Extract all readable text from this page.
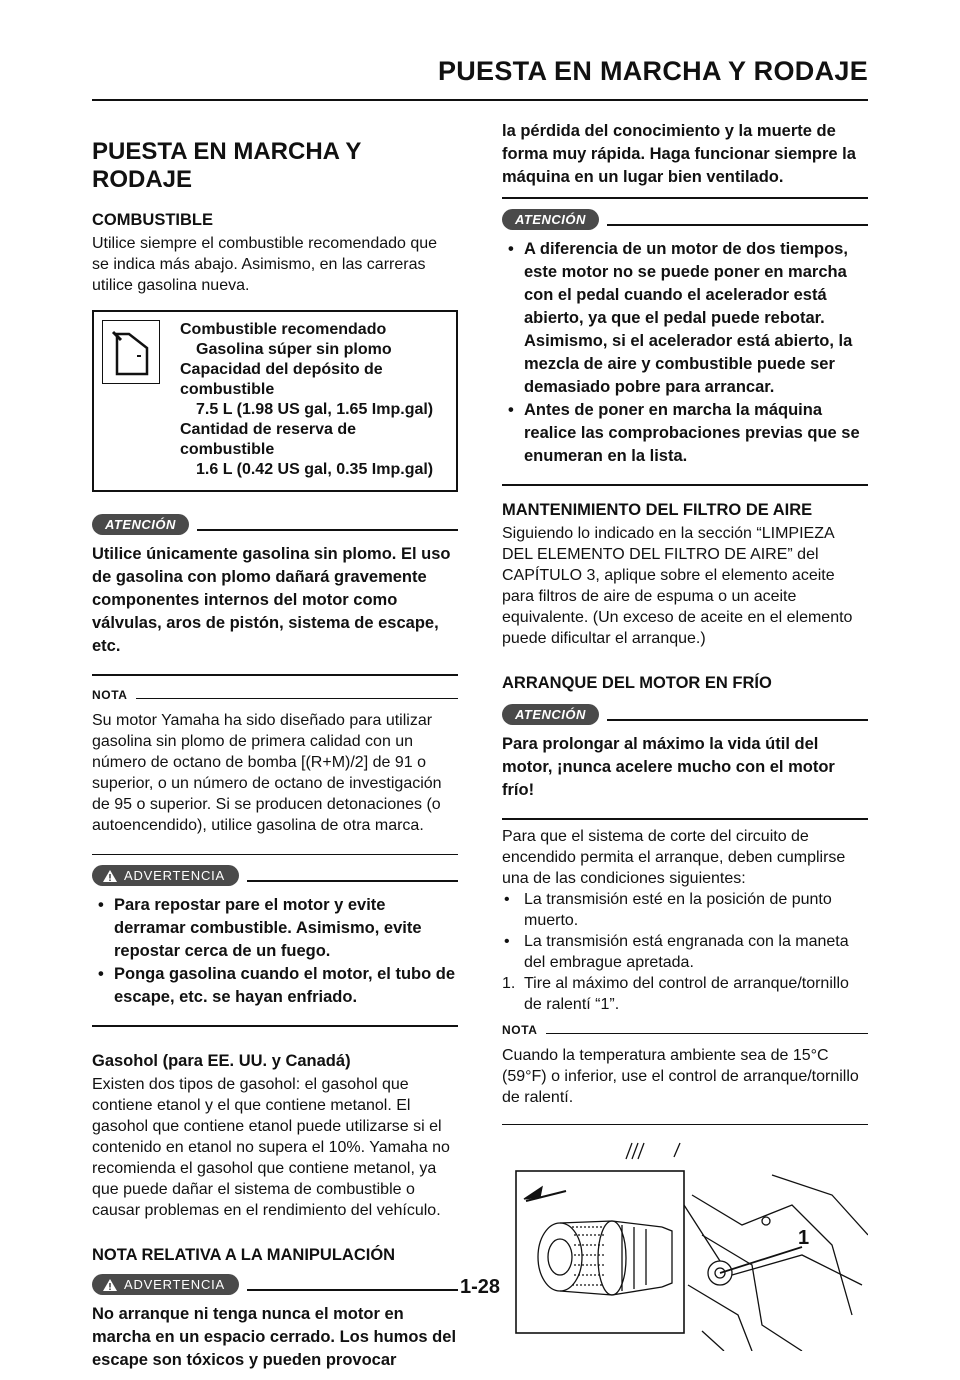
PUESTA EN MARCHA Y RODAJE
PUESTA EN MARCHA Y RODAJE
COMBUSTIBLE

Utilice siempre el combustible recomendado que se indica más abajo. Asimismo, en las carreras utilice gasolina nueva.

Combustible recomendado
Gasolina súper sin plomo
Capacidad del depósito de combustible
7.5 L (1.98 US gal, 1.65 Imp.gal)
Cantidad de reserva de combustible
1.6 L (0.42 US gal, 0.35 Imp.gal)
ATENCIÓN

Utilice únicamente gasolina sin plomo. El uso de gasolina con plomo dañará gravemente componentes internos del motor como válvulas, aros de pistón, sistema de escape, etc.

NOTA

Su motor Yamaha ha sido diseñado para utilizar gasolina sin plomo de primera calidad con un número de octano de bomba [(R+M)/2] de 91 o superior, o un número de octano de investigación de 95 o superior. Si se producen detonaciones (o autoencendido), utilice gasolina de otra marca.

ADVERTENCIA
• Para repostar pare el motor y evite derramar combustible. Asimismo, evite repostar cerca de un fuego.
• Ponga gasolina cuando el motor, el tubo de escape, etc. se hayan enfriado.
Gasohol (para EE. UU. y Canadá)

Existen dos tipos de gasohol: el gasohol que contiene etanol y el que contiene metanol. El gasohol que contiene etanol puede utilizarse si el contenido en etanol no supera el 10%. Yamaha no recomienda el gasohol que contiene metanol, ya que puede dañar el sistema de combustible o causar problemas en el rendimiento del vehículo.

NOTA RELATIVA A LA MANIPULACIÓN
ADVERTENCIA

No arranque ni tenga nunca el motor en marcha en un espacio cerrado. Los humos del escape son tóxicos y pueden provocar

la pérdida del conocimiento y la muerte de forma muy rápida. Haga funcionar siempre la máquina en un lugar bien ventilado.

ATENCIÓN
• A diferencia de un motor de dos tiempos, este motor no se puede poner en marcha con el pedal cuando el acelerador está abierto, ya que el pedal puede rebotar. Asimismo, si el acelerador está abierto, la mezcla de aire y combustible puede ser demasiado pobre para arrancar.
• Antes de poner en marcha la máquina realice las comprobaciones previas que se enumeran en la lista.
MANTENIMIENTO DEL FILTRO DE AIRE

Siguiendo lo indicado en la sección “LIMPIEZA DEL ELEMENTO DEL FILTRO DE AIRE” del CAPÍTULO 3, aplique sobre el elemento aceite para filtros de aire de espuma o un aceite equivalente. (Un exceso de aceite en el elemento puede dificultar el arranque.)

ARRANQUE DEL MOTOR EN FRÍO
ATENCIÓN

Para prolongar al máximo la vida útil del motor, ¡nunca acelere mucho con el motor frío!

Para que el sistema de corte del circuito de encendido permita el arranque, deben cumplirse una de las condiciones siguientes:

• La transmisión esté en la posición de punto muerto.
• La transmisión está engranada con la maneta del embrague apretada.
1. Tire al máximo del control de arranque/tornillo de ralentí “1”.
NOTA

Cuando la temperatura ambiente sea de 15°C (59°F) o inferior, use el control de arranque/tornillo de ralentí.

1
1-28
